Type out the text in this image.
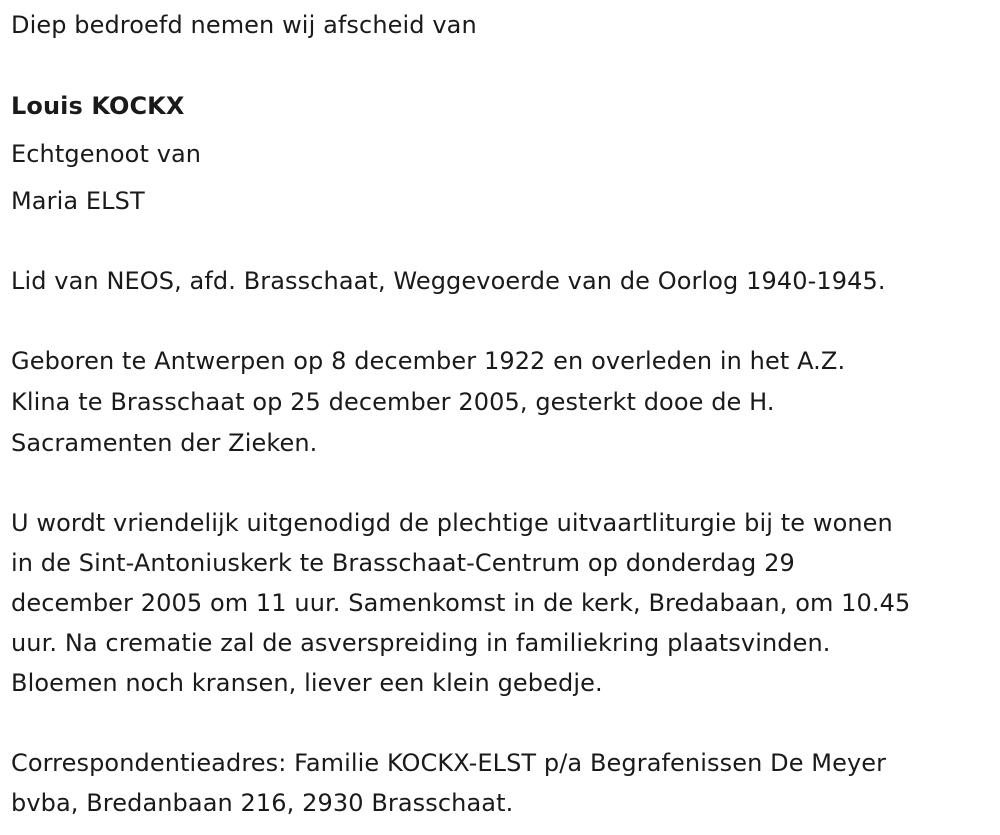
Diep bedroefd nemen wij afscheid van
Louis KOCKX
Echtgenoot van
Maria ELST
Lid van NEOS, afd. Brasschaat, Weggevoerde van de Oorlog 1940-1945.
Geboren te Antwerpen op 8 december 1922 en overleden in het A.Z.
Klina te Brasschaat op 25 december 2005, gesterkt dooe de H.
Sacramenten der Zieken.
U wordt vriendelijk uitgenodigd de plechtige uitvaartliturgie bij te wonen
in de Sint-Antoniuskerk te Brasschaat-Centrum op donderdag 29
december 2005 om 11 uur. Samenkomst in de kerk, Bredabaan, om 10.45
uur. Na crematie zal de asverspreiding in familiekring plaatsvinden.
Bloemen noch kransen, liever een klein gebedje.
Correspondentieadres: Familie KOCKX-ELST p/a Begrafenissen De Meyer
bvba, Bredanbaan 216, 2930 Brasschaat.
